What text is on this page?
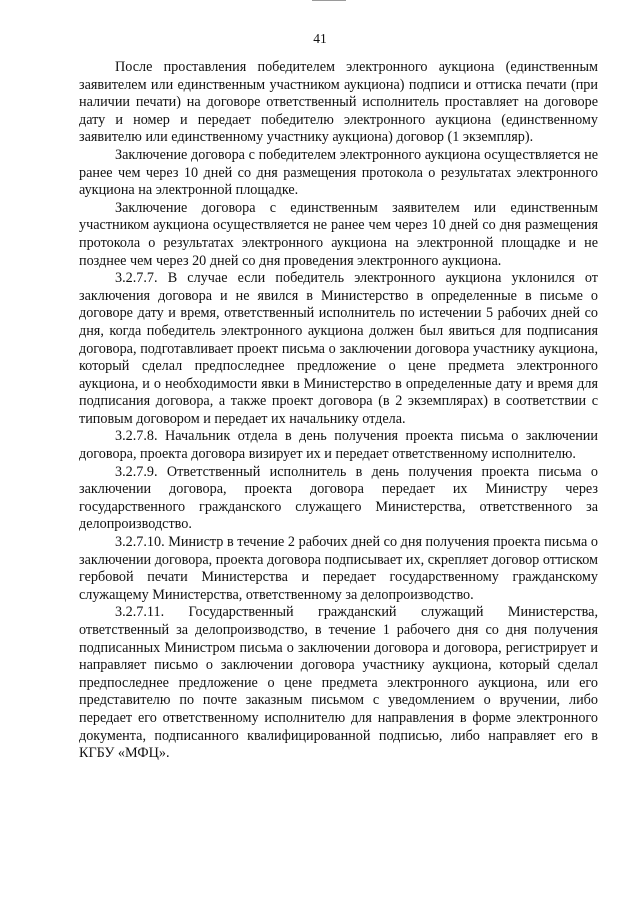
41

После проставления победителем электронного аукциона (единственным заявителем или единственным участником аукциона) подписи и оттиска печати (при наличии печати) на договоре ответственный исполнитель проставляет на договоре дату и номер и передает победителю электронного аукциона (единственному заявителю или единственному участнику аукциона) договор (1 экземпляр).

Заключение договора с победителем электронного аукциона осуществляется не ранее чем через 10 дней со дня размещения протокола о результатах электронного аукциона на электронной площадке.

Заключение договора с единственным заявителем или единственным участником аукциона осуществляется не ранее чем через 10 дней со дня размещения протокола о результатах электронного аукциона на электронной площадке и не позднее чем через 20 дней со дня проведения электронного аукциона.

3.2.7.7. В случае если победитель электронного аукциона уклонился от заключения договора и не явился в Министерство в определенные в письме о договоре дату и время, ответственный исполнитель по истечении 5 рабочих дней со дня, когда победитель электронного аукциона должен был явиться для подписания договора, подготавливает проект письма о заключении договора участнику аукциона, который сделал предпоследнее предложение о цене предмета электронного аукциона, и о необходимости явки в Министерство в определенные дату и время для подписания договора, а также проект договора (в 2 экземплярах) в соответствии с типовым договором и передает их начальнику отдела.

3.2.7.8. Начальник отдела в день получения проекта письма о заключении договора, проекта договора визирует их и передает ответственному исполнителю.

3.2.7.9. Ответственный исполнитель в день получения проекта письма о заключении договора, проекта договора передает их Министру через государственного гражданского служащего Министерства, ответственного за делопроизводство.

3.2.7.10. Министр в течение 2 рабочих дней со дня получения проекта письма о заключении договора, проекта договора подписывает их, скрепляет договор оттиском гербовой печати Министерства и передает государственному гражданскому служащему Министерства, ответственному за делопроизводство.

3.2.7.11. Государственный гражданский служащий Министерства, ответственный за делопроизводство, в течение 1 рабочего дня со дня получения подписанных Министром письма о заключении договора и договора, регистрирует и направляет письмо о заключении договора участнику аукциона, который сделал предпоследнее предложение о цене предмета электронного аукциона, или его представителю по почте заказным письмом с уведомлением о вручении, либо передает его ответственному исполнителю для направления в форме электронного документа, подписанного квалифицированной подписью, либо направляет его в КГБУ «МФЦ».
